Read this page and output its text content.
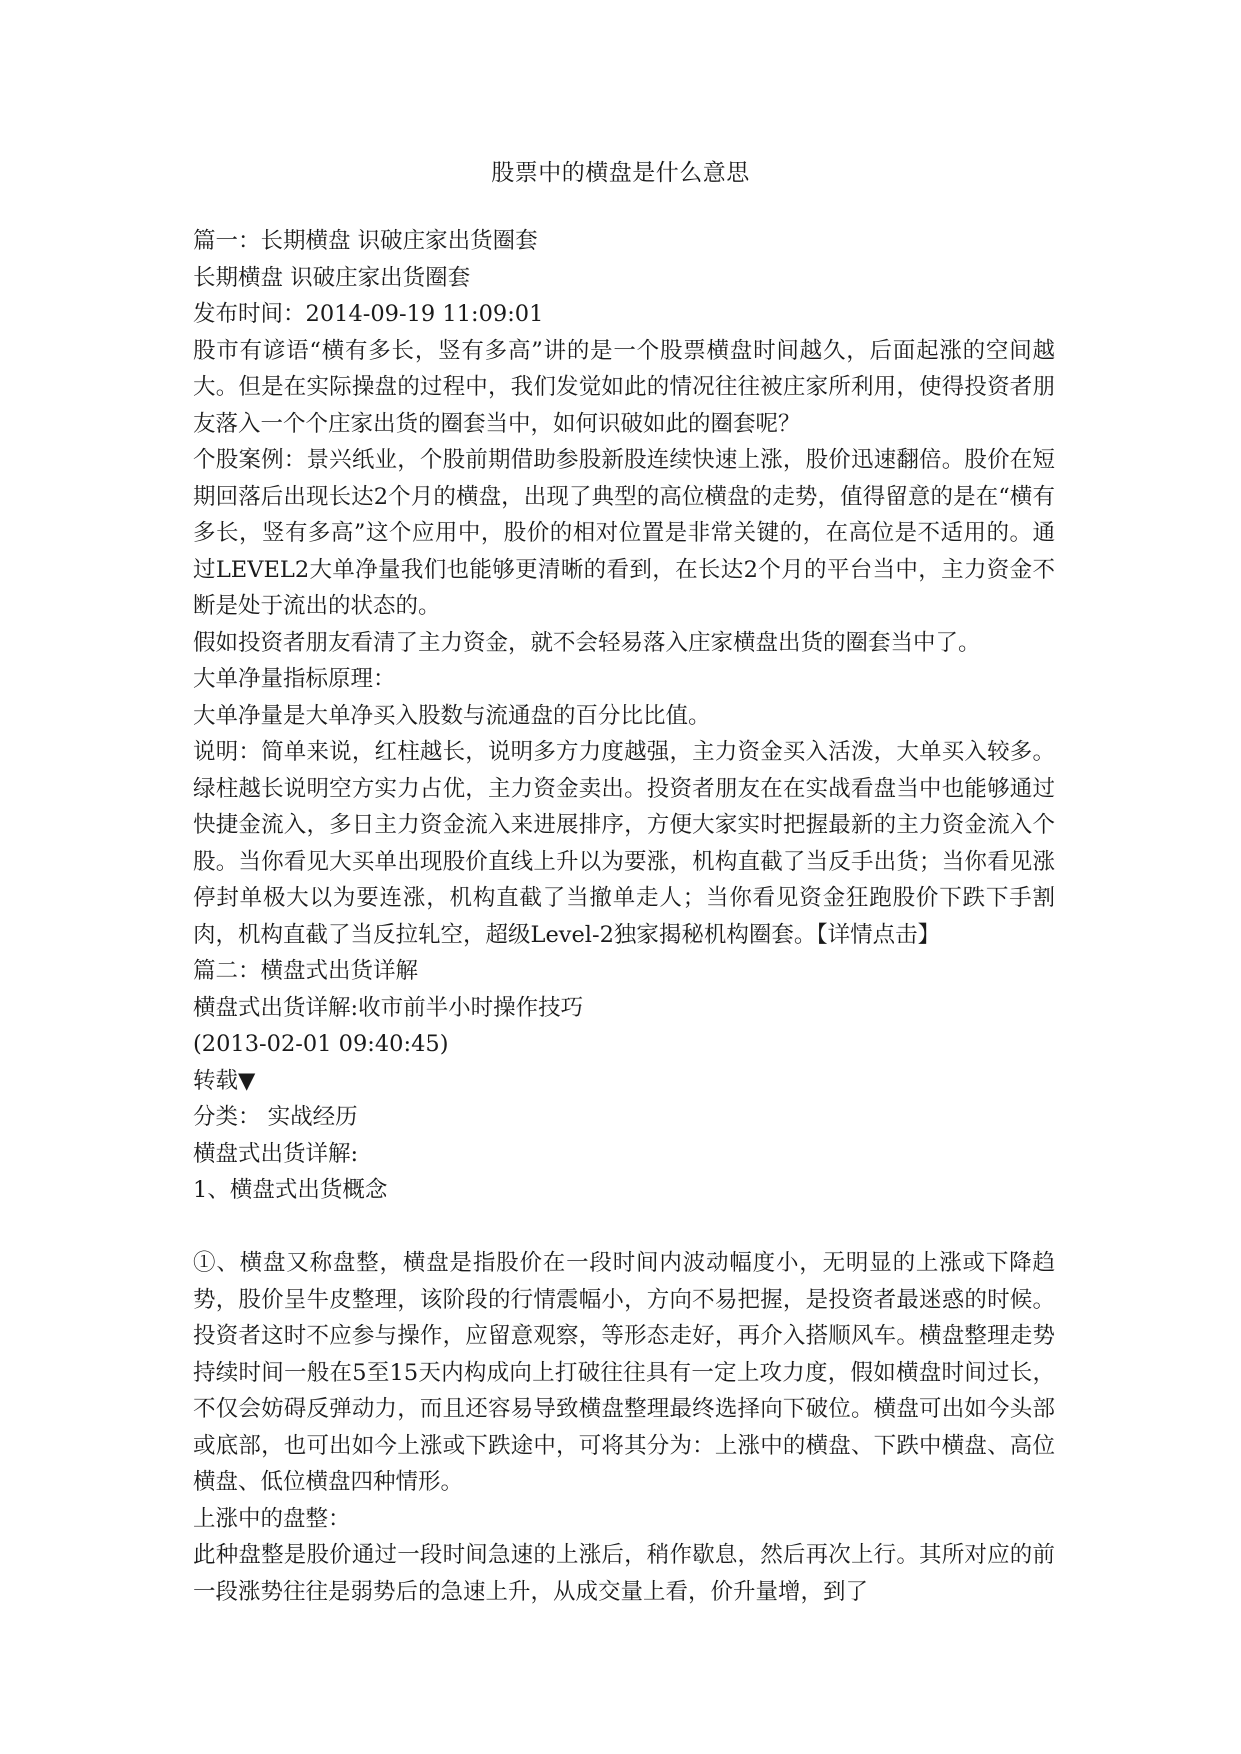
股票中的横盘是什么意思

篇一：长期横盘 识破庄家出货圈套

长期横盘 识破庄家出货圈套

发布时间：2014-09-19 11:09:01

股市有谚语“横有多长，竖有多高”讲的是一个股票横盘时间越久，后面起涨的空间越大。但是在实际操盘的过程中，我们发觉如此的情况往往被庄家所利用，使得投资者朋友落入一个个庄家出货的圈套当中，如何识破如此的圈套呢？

个股案例：景兴纸业，个股前期借助参股新股连续快速上涨，股价迅速翻倍。股价在短期回落后出现长达2个月的横盘，出现了典型的高位横盘的走势，值得留意的是在“横有多长，竖有多高”这个应用中，股价的相对位置是非常关键的，在高位是不适用的。通过LEVEL2大单净量我们也能够更清晰的看到，在长达2个月的平台当中，主力资金不断是处于流出的状态的。

假如投资者朋友看清了主力资金，就不会轻易落入庄家横盘出货的圈套当中了。

大单净量指标原理：

大单净量是大单净买入股数与流通盘的百分比比值。

说明：简单来说，红柱越长，说明多方力度越强，主力资金买入活泼，大单买入较多。绿柱越长说明空方实力占优，主力资金卖出。投资者朋友在在实战看盘当中也能够通过快捷金流入，多日主力资金流入来进展排序，方便大家实时把握最新的主力资金流入个股。当你看见大买单出现股价直线上升以为要涨，机构直截了当反手出货；当你看见涨停封单极大以为要连涨，机构直截了当撤单走人；当你看见资金狂跑股价下跌下手割肉，机构直截了当反拉轧空，超级Level-2独家揭秘机构圈套。【详情点击】

篇二：横盘式出货详解

横盘式出货详解:收市前半小时操作技巧

(2013-02-01 09:40:45)

转载▼

分类： 实战经历

横盘式出货详解:

1、横盘式出货概念

①、横盘又称盘整，横盘是指股价在一段时间内波动幅度小，无明显的上涨或下降趋势，股价呈牛皮整理，该阶段的行情震幅小，方向不易把握，是投资者最迷惑的时候。投资者这时不应参与操作，应留意观察，等形态走好，再介入搭顺风车。横盘整理走势持续时间一般在5至15天内构成向上打破往往具有一定上攻力度，假如横盘时间过长，不仅会妨碍反弹动力，而且还容易导致横盘整理最终选择向下破位。横盘可出如今头部或底部，也可出如今上涨或下跌途中，可将其分为：上涨中的横盘、下跌中横盘、高位横盘、低位横盘四种情形。

上涨中的盘整：

此种盘整是股价通过一段时间急速的上涨后，稍作歇息，然后再次上行。其所对应的前一段涨势往往是弱势后的急速上升，从成交量上看，价升量增，到了
